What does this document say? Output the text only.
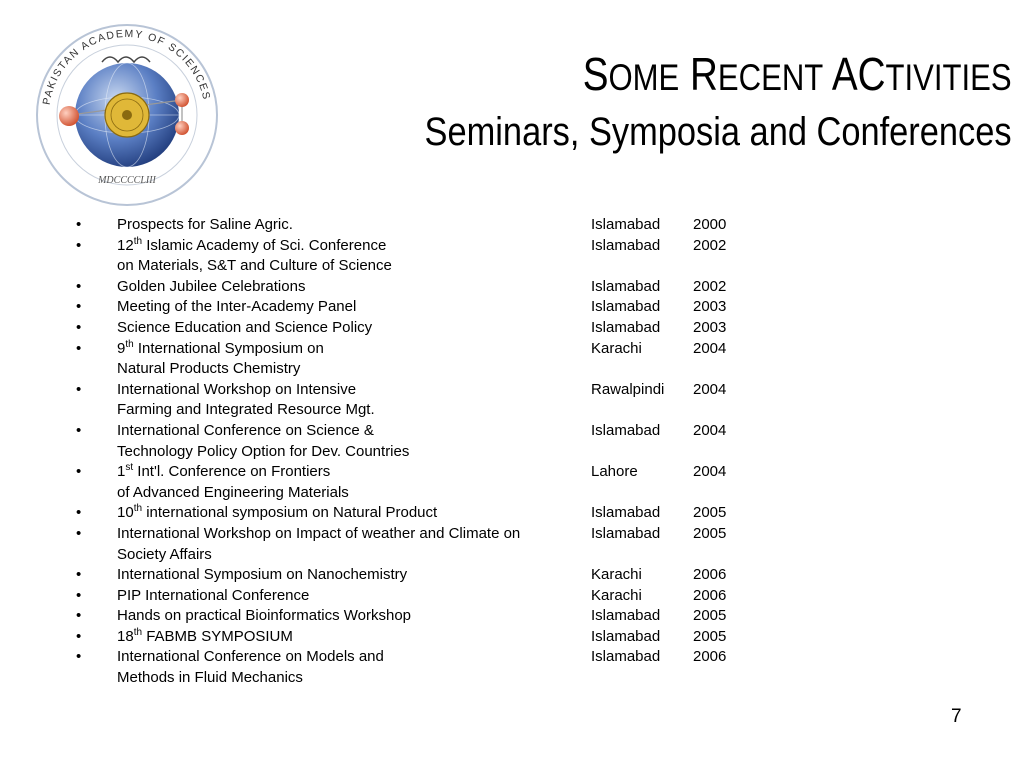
PAKISTAN ACADEMY OF SCIENCES
MDCCCCLIII
SOME RECENT ACTIVITIES
Seminars, Symposia and Conferences
• Prospects for Saline Agric.	Islamabad 2000
• 12th Islamic Academy of Sci. Conference	Islamabad 2002
on Materials, S&T and Culture of Science
• Golden Jubilee Celebrations	Islamabad 2002
• Meeting of the Inter-Academy Panel	Islamabad 2003
• Science Education and Science Policy	Islamabad 2003
• 9th International Symposium on	Karachi	2004
Natural Products Chemistry
• International Workshop on Intensive	Rawalpindi 2004
Farming and Integrated Resource Mgt.
• International Conference on Science &	Islamabad 2004
Technology Policy Option for Dev. Countries
• 1st Int'l. Conference on Frontiers	Lahore	2004
of Advanced Engineering Materials
• 10th international symposium on Natural Product	Islamabad 2005
• International Workshop on Impact of weather and Climate on	Islamabad 2005
Society Affairs
• International Symposium on Nanochemistry	Karachi	2006
• PIP International Conference	Karachi	2006
• Hands on practical Bioinformatics Workshop	Islamabad 2005
• 18th FABMB SYMPOSIUM	Islamabad 2005
• International Conference on Models and	Islamabad 2006
Methods in Fluid Mechanics
7
